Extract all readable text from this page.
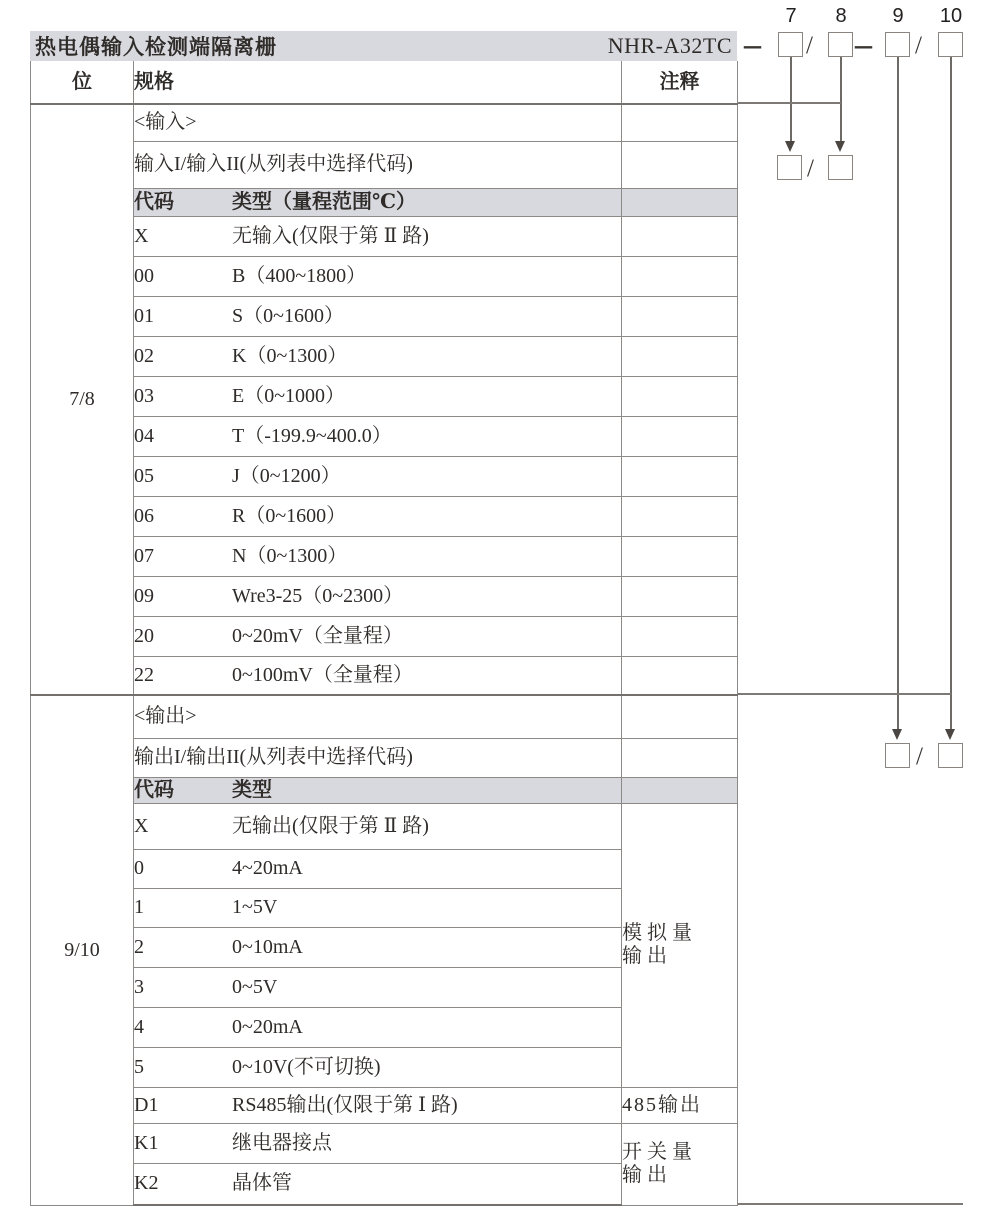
7	8	9	10
热电偶输入检测端隔离栅	NHR-A32TC – / – /
/
/
位	规格	注释
7/8	<输入>	
	输入I/输入II(从列表中选择代码)	
	代码 类型（量程范围℃）	
	X 无输入(仅限于第 Ⅱ 路)	
	00 B（400~1800）	
	01 S（0~1600）	
	02 K（0~1300）	
	03 E（0~1000）	
	04 T（-199.9~400.0）	
	05 J（0~1200）	
	06 R（0~1600）	
	07 N（0~1300）	
	09 Wre3-25（0~2300）	
	20 0~20mV（全量程）	
	22 0~100mV（全量程）	
9/10	<输出>	
	输出I/输出II(从列表中选择代码)	
	代码 类型	
	X 无输出(仅限于第 Ⅱ 路)	模拟量
输出

	0 4~20mA	
	1 1~5V	
	2 0~10mA	
	3 0~5V	
	4 0~20mA	
	5 0~10V(不可切换)	
	D1 RS485输出(仅限于第 Ⅰ 路)	485输出
	K1 继电器接点	开关量
输出

	K2 晶体管	
